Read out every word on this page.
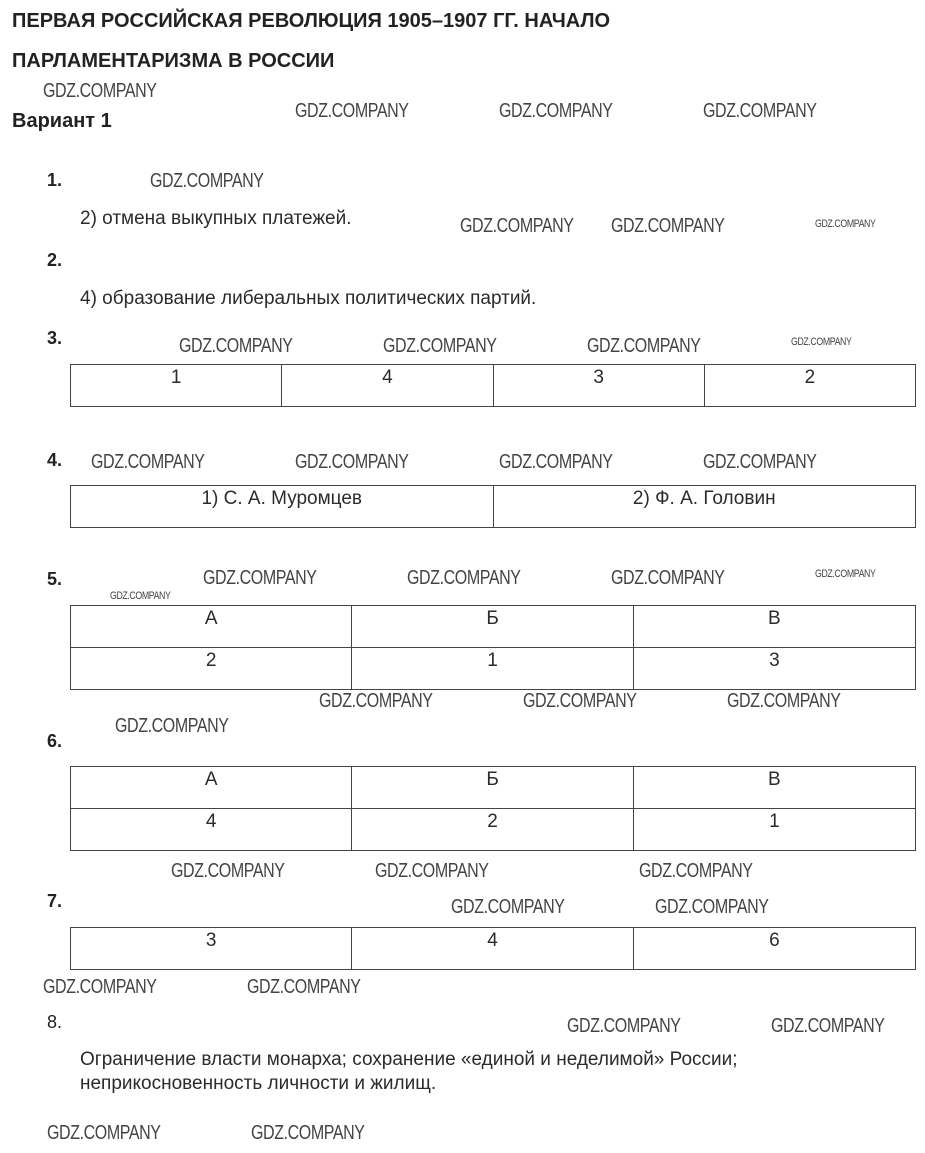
ПЕРВАЯ РОССИЙСКАЯ РЕВОЛЮЦИЯ 1905–1907 ГГ. НАЧАЛО
ПАРЛАМЕНТАРИЗМА В РОССИИ
Вариант 1
1.
2) отмена выкупных платежей.
2.
4) образование либеральных политических партий.
3.
1	4	3	2
4.
1) С. А. Муромцев	2) Ф. А. Головин
5.
А	Б	В
2	1	3
6.
А	Б	В
4	2	1
7.
3	4	6
8.
Ограничение власти монарха; сохранение «единой и неделимой» России; неприкосновенность личности и жилищ.
GDZ.COMPANY
GDZ.COMPANY	GDZ.COMPANY	GDZ.COMPANY
GDZ.COMPANY
GDZ.COMPANY GDZ.COMPANY	GDZ.COMPANY
GDZ.COMPANY	GDZ.COMPANY	GDZ.COMPANY	GDZ.COMPANY
GDZ.COMPANY	GDZ.COMPANY	GDZ.COMPANY	GDZ.COMPANY
GDZ.COMPANY	GDZ.COMPANY	GDZ.COMPANY	GDZ.COMPANY
GDZ.COMPANY
GDZ.COMPANY	GDZ.COMPANY	GDZ.COMPANY
GDZ.COMPANY
GDZ.COMPANY	GDZ.COMPANY
GDZ.COMPANY
GDZ.COMPANY	GDZ.COMPANY
GDZ.COMPANY	GDZ.COMPANY
GDZ.COMPANY	GDZ.COMPANY
GDZ.COMPANY	GDZ.COMPANY
